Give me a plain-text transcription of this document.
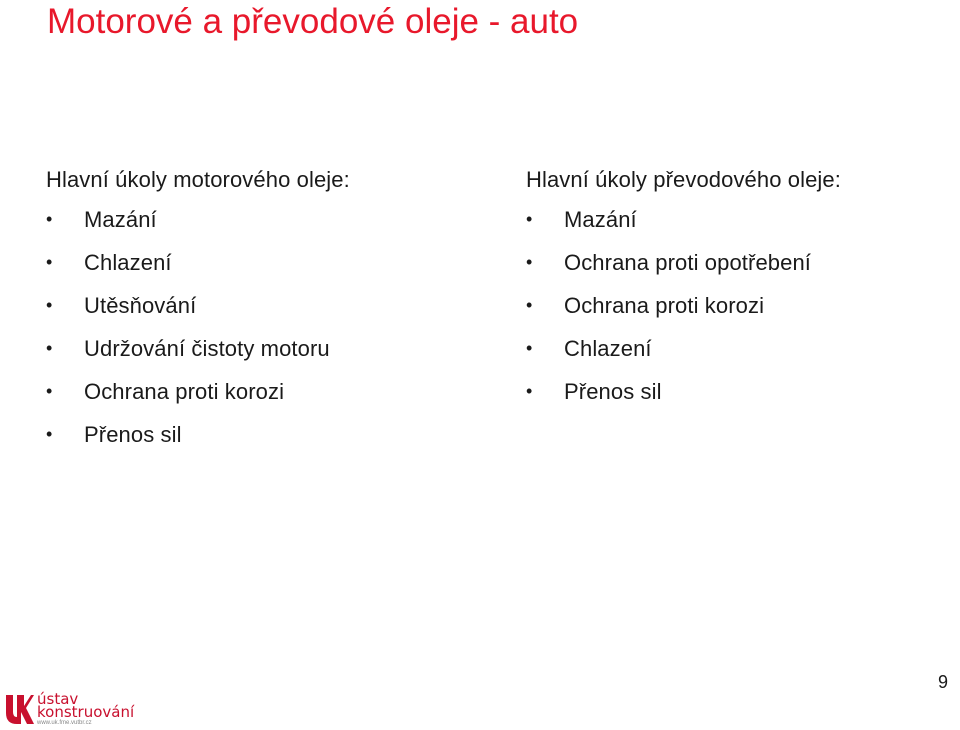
Motorové a převodové oleje - auto
Hlavní úkoly motorového oleje:
• Mazání
• Chlazení
• Utěsňování
• Udržování čistoty motoru
• Ochrana proti korozi
• Přenos sil
Hlavní úkoly převodového oleje:
• Mazání
• Ochrana proti opotřebení
• Ochrana proti korozi
• Chlazení
• Přenos sil
9
ústav
konstruování
www.uk.fme.vutbr.cz
